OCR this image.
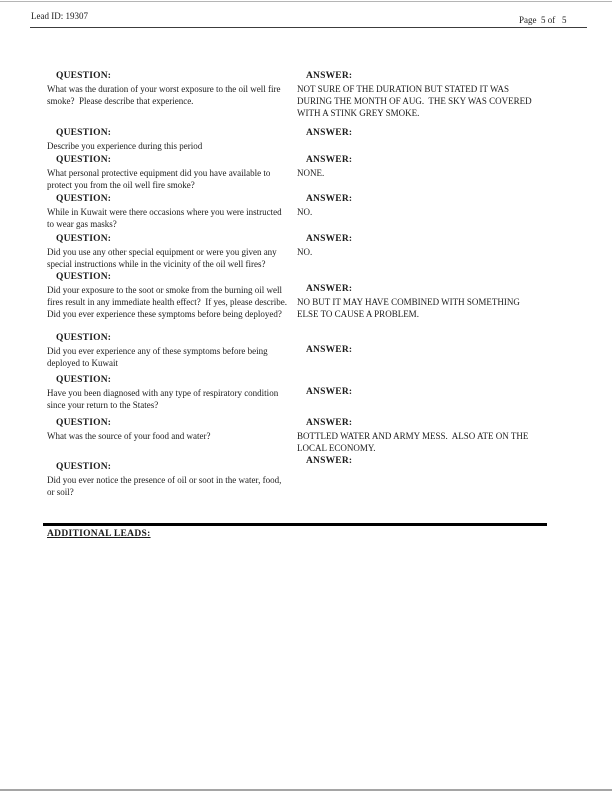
Lead ID: 19307	Page  5 of   5
QUESTION:
What was the duration of your worst exposure to the oil well fire smoke?  Please describe that experience.
ANSWER:
NOT SURE OF THE DURATION BUT STATED IT WAS DURING THE MONTH OF AUG.  THE SKY WAS COVERED WITH A STINK GREY SMOKE.
QUESTION:
Describe you experience during this period
ANSWER:
QUESTION:
What personal protective equipment did you have available to protect you from the oil well fire smoke?
ANSWER:
NONE.
QUESTION:
While in Kuwait were there occasions where you were instructed to wear gas masks?
ANSWER:
NO.
QUESTION:
Did you use any other special equipment or were you given any special instructions while in the vicinity of the oil well fires?
ANSWER:
NO.
QUESTION:
Did your exposure to the soot or smoke from the burning oil well fires result in any immediate health effect?  If yes, please describe.  Did you ever experience these symptoms before being deployed?
ANSWER:
NO BUT IT MAY HAVE COMBINED WITH SOMETHING ELSE TO CAUSE A PROBLEM.
QUESTION:
Did you ever experience any of these symptoms before being deployed to Kuwait
ANSWER:
QUESTION:
Have you been diagnosed with any type of respiratory condition since your return to the States?
ANSWER:
QUESTION:
What was the source of your food and water?
ANSWER:
BOTTLED WATER AND ARMY MESS.  ALSO ATE ON THE LOCAL ECONOMY.
QUESTION:
Did you ever notice the presence of oil or soot in the water, food, or soil?
ANSWER:
ADDITIONAL LEADS:
